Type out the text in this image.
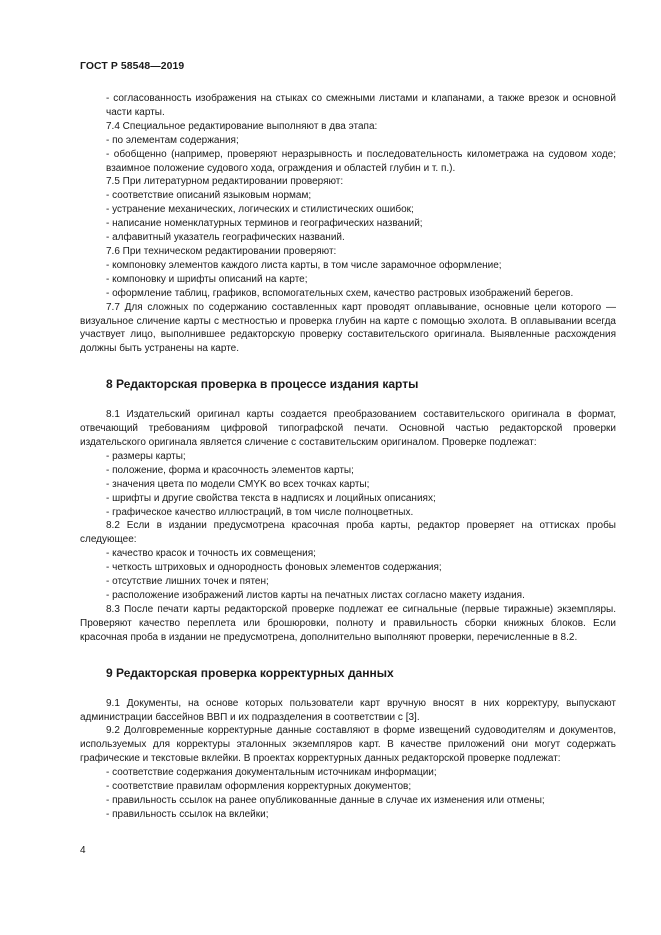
ГОСТ Р 58548—2019

- согласованность изображения на стыках со смежными листами и клапанами, а также врезок и основной части карты.

7.4 Специальное редактирование выполняют в два этапа:

- по элементам содержания;

- обобщенно (например, проверяют неразрывность и последовательность километража на судовом ходе; взаимное положение судового хода, ограждения и областей глубин и т. п.).

7.5 При литературном редактировании проверяют:

- соответствие описаний языковым нормам;

- устранение механических, логических и стилистических ошибок;

- написание номенклатурных терминов и географических названий;

- алфавитный указатель географических названий.

7.6 При техническом редактировании проверяют:

- компоновку элементов каждого листа карты, в том числе зарамочное оформление;

- компоновку и шрифты описаний на карте;

- оформление таблиц, графиков, вспомогательных схем, качество растровых изображений берегов.

7.7 Для сложных по содержанию составленных карт проводят оплавывание, основные цели которого — визуальное сличение карты с местностью и проверка глубин на карте с помощью эхолота. В оплавывании всегда участвует лицо, выполнившее редакторскую проверку составительского оригинала. Выявленные расхождения должны быть устранены на карте.

8 Редакторская проверка в процессе издания карты

8.1 Издательский оригинал карты создается преобразованием составительского оригинала в формат, отвечающий требованиям цифровой типографской печати. Основной частью редакторской проверки издательского оригинала является сличение с составительским оригиналом. Проверке подлежат:

- размеры карты;

- положение, форма и красочность элементов карты;

- значения цвета по модели CMYK во всех точках карты;

- шрифты и другие свойства текста в надписях и лоцийных описаниях;

- графическое качество иллюстраций, в том числе полноцветных.

8.2 Если в издании предусмотрена красочная проба карты, редактор проверяет на оттисках пробы следующее:

- качество красок и точность их совмещения;

- четкость штриховых и однородность фоновых элементов содержания;

- отсутствие лишних точек и пятен;

- расположение изображений листов карты на печатных листах согласно макету издания.

8.3 После печати карты редакторской проверке подлежат ее сигнальные (первые тиражные) экземпляры. Проверяют качество переплета или брошюровки, полноту и правильность сборки книжных блоков. Если красочная проба в издании не предусмотрена, дополнительно выполняют проверки, перечисленные в 8.2.

9 Редакторская проверка корректурных данных

9.1 Документы, на основе которых пользователи карт вручную вносят в них корректуру, выпускают администрации бассейнов ВВП и их подразделения в соответствии с [3].

9.2 Долговременные корректурные данные составляют в форме извещений судоводителям и документов, используемых для корректуры эталонных экземпляров карт. В качестве приложений они могут содержать графические и текстовые вклейки. В проектах корректурных данных редакторской проверке подлежат:

- соответствие содержания документальным источникам информации;

- соответствие правилам оформления корректурных документов;

- правильность ссылок на ранее опубликованные данные в случае их изменения или отмены;

- правильность ссылок на вклейки;

4
